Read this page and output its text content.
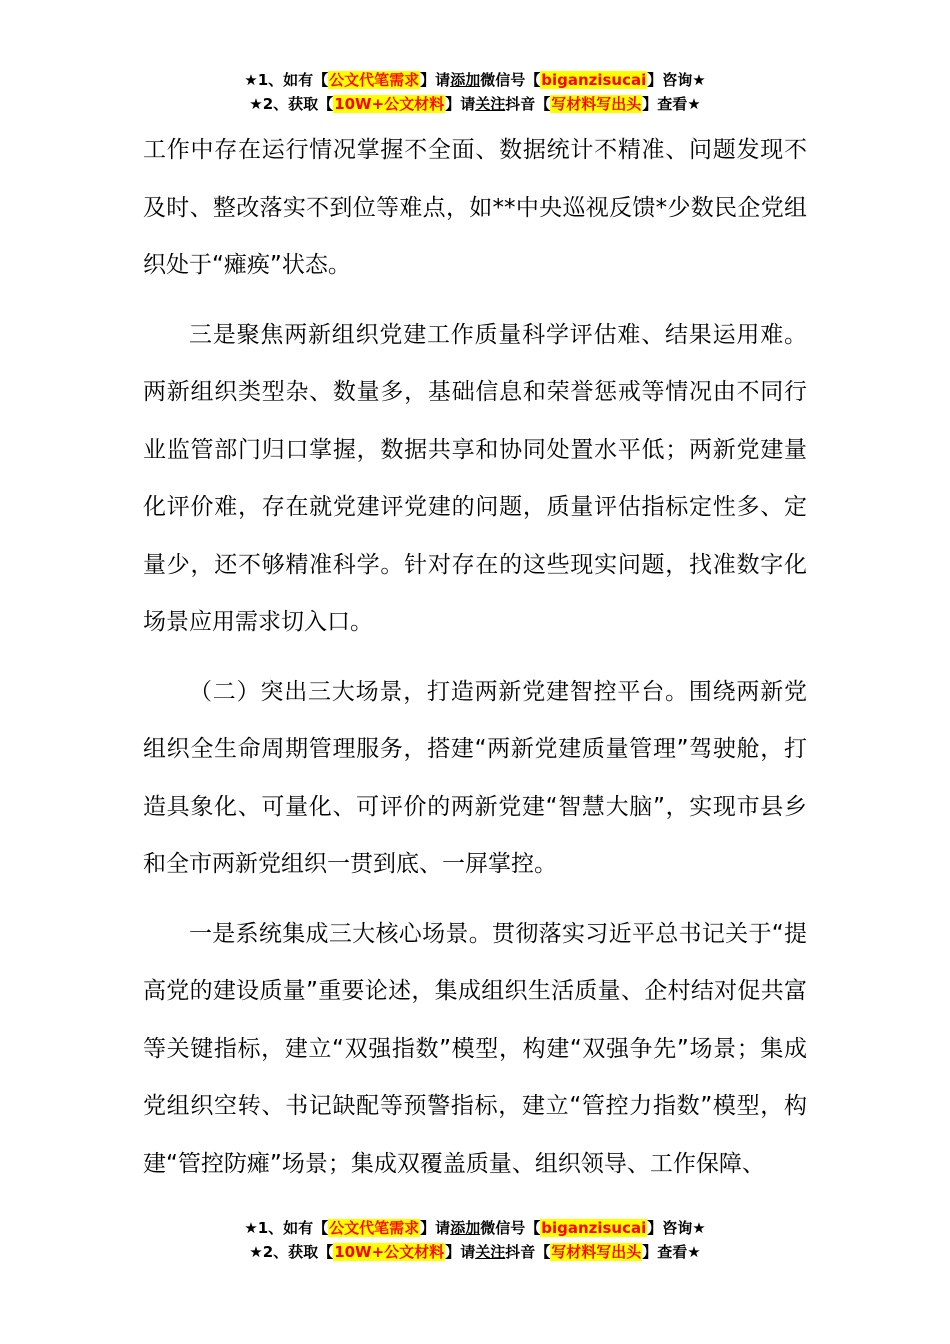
★1、如有【公文代笔需求】请添加微信号【biganzisucai】咨询★
★2、获取【10W+公文材料】请关注抖音【写材料写出头】查看★

工作中存在运行情况掌握不全面、数据统计不精准、问题发现不及时、整改落实不到位等难点，如**中央巡视反馈*少数民企党组织处于“瘫痪”状态。

三是聚焦两新组织党建工作质量科学评估难、结果运用难。两新组织类型杂、数量多，基础信息和荣誉惩戒等情况由不同行业监管部门归口掌握，数据共享和协同处置水平低；两新党建量化评价难，存在就党建评党建的问题，质量评估指标定性多、定量少，还不够精准科学。针对存在的这些现实问题，找准数字化场景应用需求切入口。

（二）突出三大场景，打造两新党建智控平台。围绕两新党组织全生命周期管理服务，搭建“两新党建质量管理”驾驶舱，打造具象化、可量化、可评价的两新党建“智慧大脑”，实现市县乡和全市两新党组织一贯到底、一屏掌控。

一是系统集成三大核心场景。贯彻落实习近平总书记关于“提高党的建设质量”重要论述，集成组织生活质量、企村结对促共富等关键指标，建立“双强指数”模型，构建“双强争先”场景；集成党组织空转、书记缺配等预警指标，建立“管控力指数”模型，构建“管控防瘫”场景；集成双覆盖质量、组织领导、工作保障、

★1、如有【公文代笔需求】请添加微信号【biganzisucai】咨询★
★2、获取【10W+公文材料】请关注抖音【写材料写出头】查看★
